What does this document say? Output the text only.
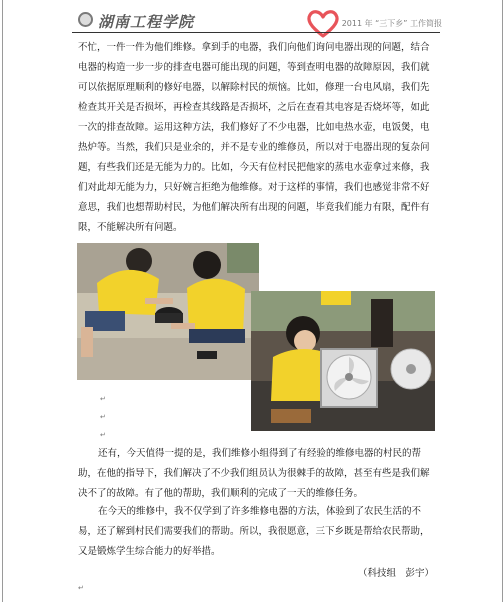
湖南工程学院	2011 年 “三下乡” 工作简报

不忙，一件一件为他们维修。拿到手的电器，我们向他们询问电器出现的问题，结合电器的构造一步一步的排查电器可能出现的问题，等到查明电器的故障原因，我们就可以依据原理顺利的修好电器，以解除村民的烦恼。比如，修理一台电风扇，我们先检查其开关是否损坏，再检查其线路是否损坏，之后在查看其电容是否烧坏等，如此一次的排查故障。运用这种方法，我们修好了不少电器，比如电热水壶，电饭煲，电热炉等。当然，我们只是业余的，并不是专业的维修员，所以对于电器出现的复杂问题，有些我们还是无能为力的。比如，今天有位村民把他家的蒸电水壶拿过来修，我们对此却无能为力，只好婉言拒绝为他维修。对于这样的事情，我们也感觉非常不好意思，我们也想帮助村民，为他们解决所有出现的问题，毕竟我们能力有限，配件有限，不能解决所有问题。

↵
↵
↵

还有，今天值得一提的是，我们维修小组得到了有经验的维修电器的村民的帮助，在他的指导下，我们解决了不少我们组员认为很棘手的故障，甚至有些是我们解决不了的故障。有了他的帮助，我们顺利的完成了一天的维修任务。

在今天的维修中，我不仅学到了许多维修电器的方法，体验到了农民生活的不易，还了解到村民们需要我们的帮助。所以，我很愿意，三下乡既是帮给农民帮助，又是锻炼学生综合能力的好举措。

（科技组　彭宇）
↵
